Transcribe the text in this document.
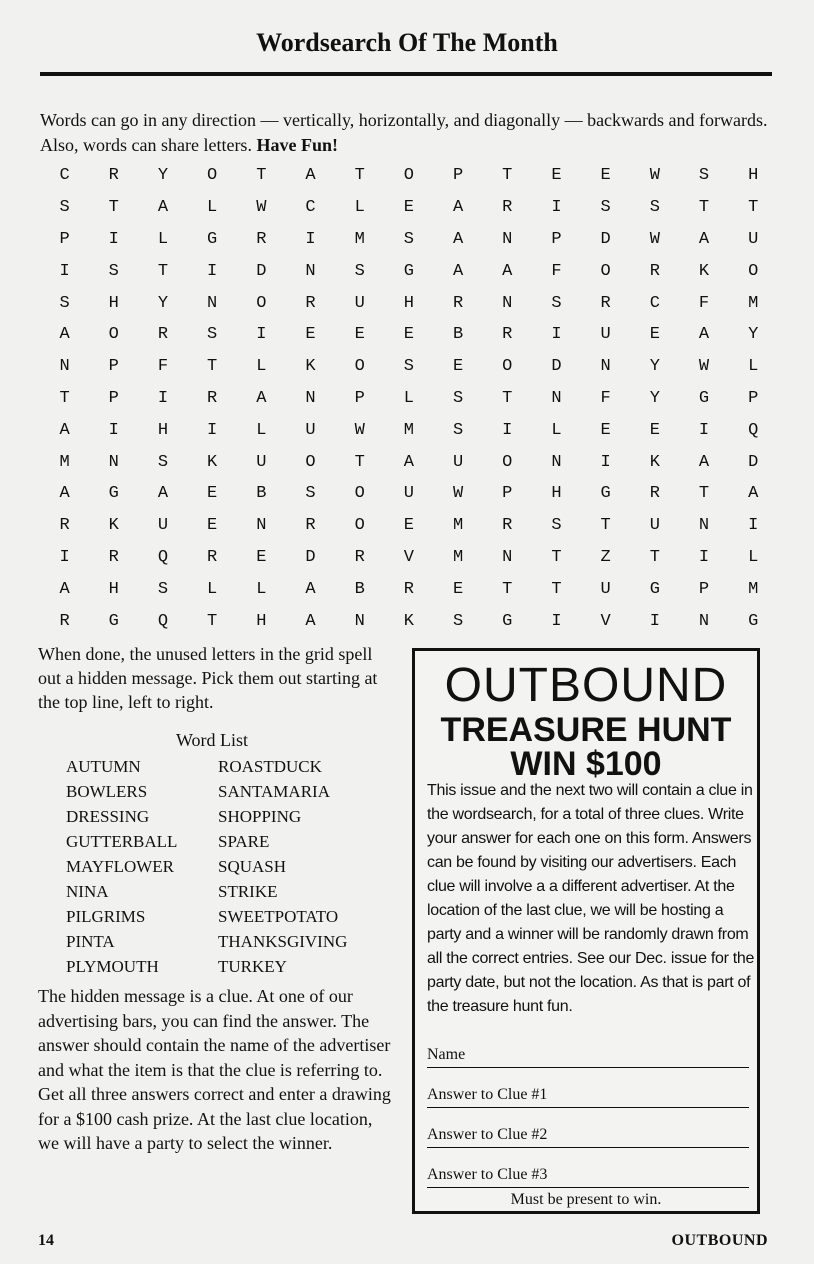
Wordsearch Of The Month
Words can go in any direction — vertically, horizontally, and diagonally — backwards and forwards. Also, words can share letters. Have Fun!
C	R	Y	O	T	A	T	O	P	T	E	E	W	S	H
S	T	A	L	W	C	L	E	A	R	I	S	S	T	T
P	I	L	G	R	I	M	S	A	N	P	D	W	A	U
I	S	T	I	D	N	S	G	A	A	F	O	R	K	O
S	H	Y	N	O	R	U	H	R	N	S	R	C	F	M
A	O	R	S	I	E	E	E	B	R	I	U	E	A	Y
N	P	F	T	L	K	O	S	E	O	D	N	Y	W	L
T	P	I	R	A	N	P	L	S	T	N	F	Y	G	P
A	I	H	I	L	U	W	M	S	I	L	E	E	I	Q
M	N	S	K	U	O	T	A	U	O	N	I	K	A	D
A	G	A	E	B	S	O	U	W	P	H	G	R	T	A
R	K	U	E	N	R	O	E	M	R	S	T	U	N	I
I	R	Q	R	E	D	R	V	M	N	T	Z	T	I	L
A	H	S	L	L	A	B	R	E	T	T	U	G	P	M
R	G	Q	T	H	A	N	K	S	G	I	V	I	N	G
When done, the unused letters in the grid spell out a hidden message. Pick them out starting at the top line, left to right.
Word List
AUTUMN
BOWLERS
DRESSING
GUTTERBALL
MAYFLOWER
NINA
PILGRIMS
PINTA
PLYMOUTH
ROASTDUCK
SANTAMARIA
SHOPPING
SPARE
SQUASH
STRIKE
SWEETPOTATO
THANKSGIVING
TURKEY
The hidden message is a clue. At one of our advertising bars, you can find the answer. The answer should contain the name of the advertiser and what the item is that the clue is referring to. Get all three answers correct and enter a drawing for a $100 cash prize. At the last clue location, we will have a party to select the winner.
OUTBOUND
TREASURE HUNT
WIN $100
This issue and the next two will contain a clue in the wordsearch, for a total of three clues. Write your answer for each one on this form. Answers can be found by visiting our advertisers. Each clue will involve a a different advertiser. At the location of the last clue, we will be hosting a party and a winner will be randomly drawn from all the correct entries. See our Dec. issue for the party date, but not the location. As that is part of the treasure hunt fun.
Name
Answer to Clue #1
Answer to Clue #2
Answer to Clue #3
Must be present to win.
14	OUTBOUND
